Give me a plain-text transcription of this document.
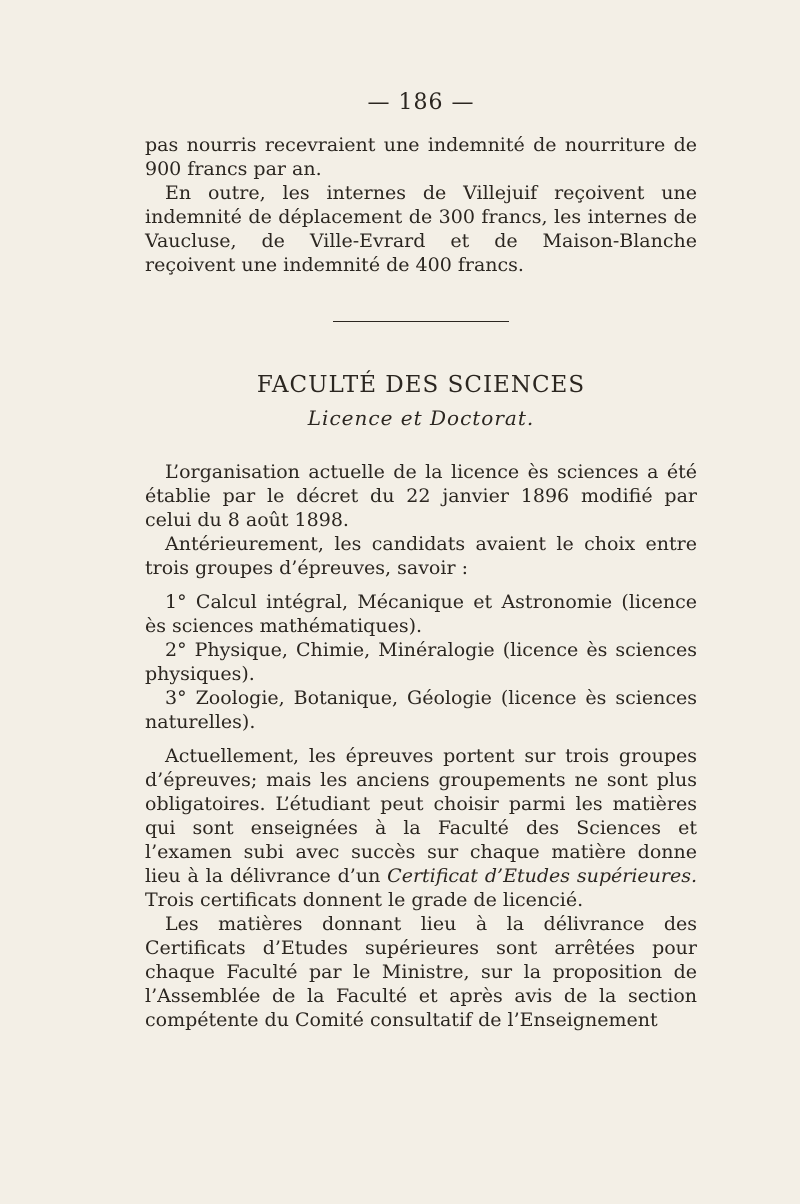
— 186 —

pas nourris recevraient une indemnité de nourriture de 900 francs par an.

En outre, les internes de Villejuif reçoivent une indemnité de déplacement de 300 francs, les internes de Vaucluse, de Ville-Evrard et de Maison-Blanche reçoivent une indemnité de 400 francs.

FACULTÉ DES SCIENCES
Licence et Doctorat.

L’organisation actuelle de la licence ès sciences a été établie par le décret du 22 janvier 1896 modifié par celui du 8 août 1898.

Antérieurement, les candidats avaient le choix entre trois groupes d’épreuves, savoir :

1° Calcul intégral, Mécanique et Astronomie (licence ès sciences mathématiques).

2° Physique, Chimie, Minéralogie (licence ès sciences physiques).

3° Zoologie, Botanique, Géologie (licence ès sciences naturelles).

Actuellement, les épreuves portent sur trois groupes d’épreuves; mais les anciens groupements ne sont plus obligatoires. L’étudiant peut choisir parmi les matières qui sont enseignées à la Faculté des Sciences et l’examen subi avec succès sur chaque matière donne lieu à la délivrance d’un Certificat d’Etudes supérieures. Trois certificats donnent le grade de licencié.

Les matières donnant lieu à la délivrance des Certificats d’Etudes supérieures sont arrêtées pour chaque Faculté par le Ministre, sur la proposition de l’Assemblée de la Faculté et après avis de la section compétente du Comité consultatif de l’Enseignement
